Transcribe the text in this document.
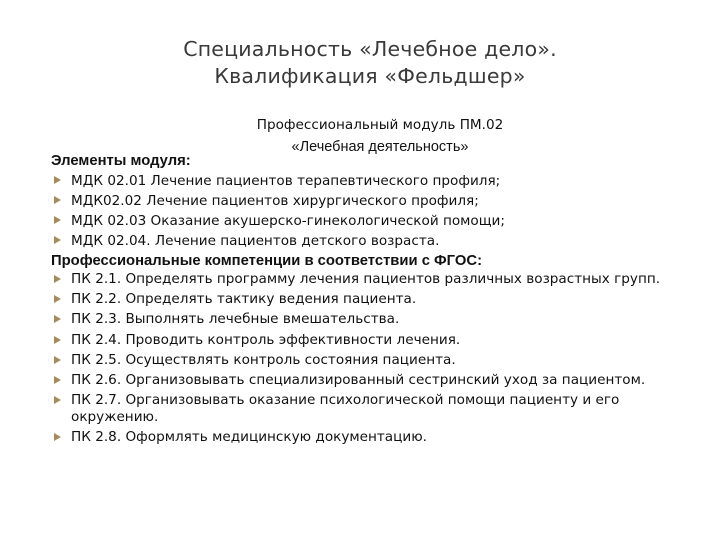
Специальность «Лечебное дело».
Квалификация «Фельдшер»
Профессиональный модуль ПМ.02
«Лечебная деятельность»
Элементы модуля:
МДК 02.01 Лечение пациентов терапевтического профиля;
МДК02.02 Лечение пациентов хирургического профиля;
МДК 02.03 Оказание акушерско-гинекологической помощи;
МДК 02.04. Лечение пациентов детского возраста.
Профессиональные компетенции в соответствии с ФГОС:
ПК 2.1. Определять программу лечения пациентов различных возрастных групп.
ПК 2.2. Определять тактику ведения пациента.
ПК 2.3. Выполнять лечебные вмешательства.
ПК 2.4. Проводить контроль эффективности лечения.
ПК 2.5. Осуществлять контроль состояния пациента.
ПК 2.6. Организовывать специализированный сестринский уход за пациентом.
ПК 2.7. Организовывать оказание психологической помощи пациенту и его окружению.
ПК 2.8. Оформлять медицинскую документацию.
